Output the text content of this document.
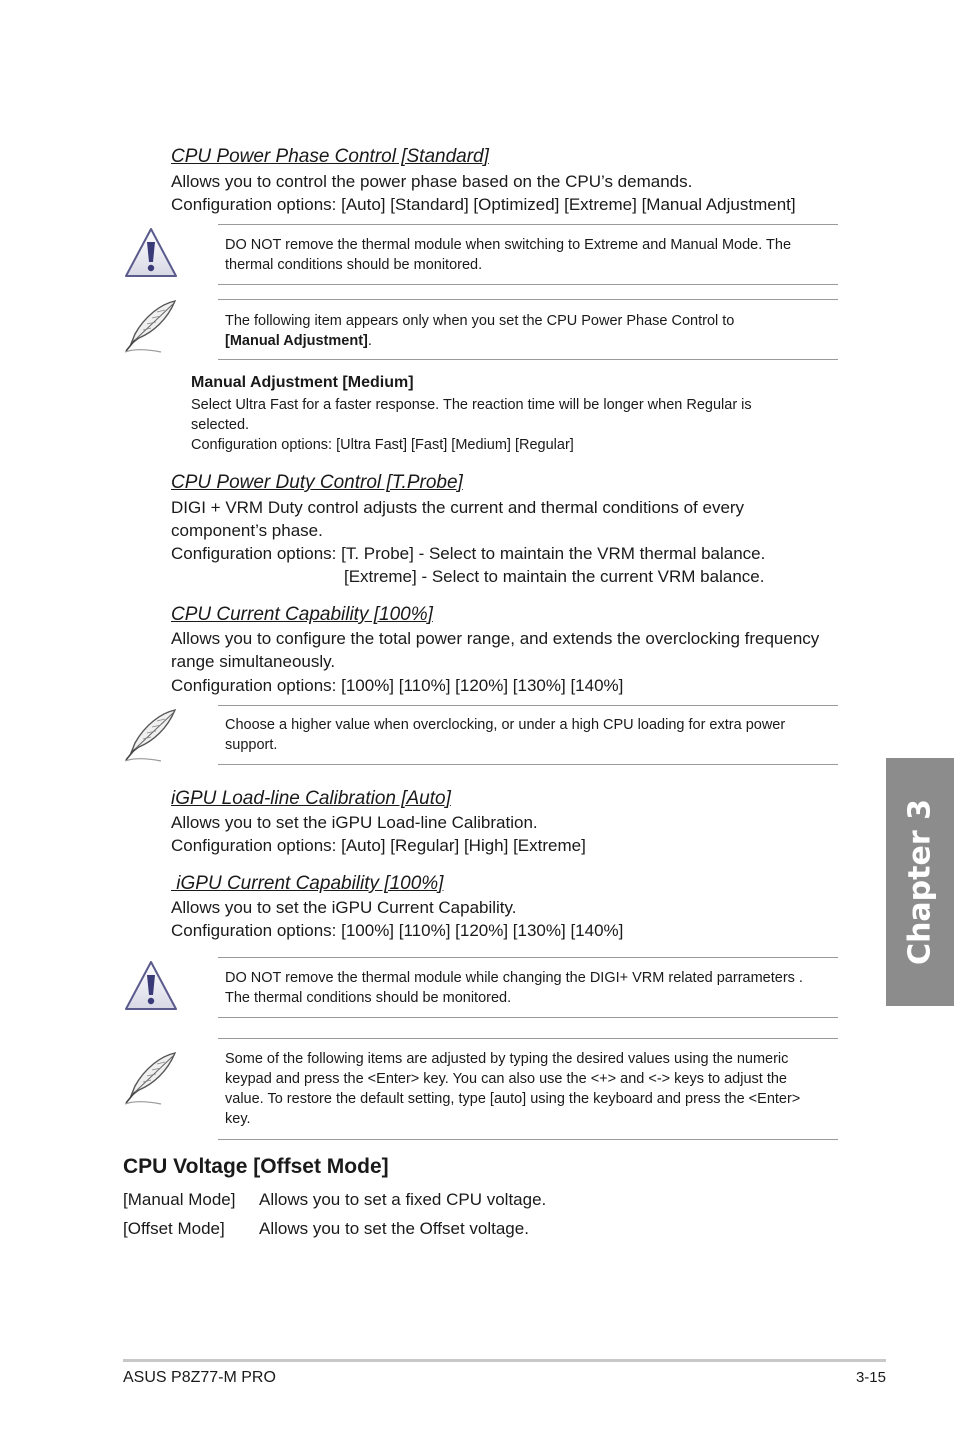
CPU Power Phase Control [Standard]
Allows you to control the power phase based on the CPU’s demands.
Configuration options: [Auto] [Standard] [Optimized] [Extreme] [Manual Adjustment]
DO NOT remove the thermal module when switching to Extreme and Manual Mode. The
thermal conditions should be monitored.
The following item appears only when you set the CPU Power Phase Control to
[Manual Adjustment].
Manual Adjustment [Medium]
Select Ultra Fast for a faster response. The reaction time will be longer when Regular is
selected.
Configuration options: [Ultra Fast] [Fast] [Medium] [Regular]
CPU Power Duty Control [T.Probe]
DIGI + VRM Duty control adjusts the current and thermal conditions of every
component’s phase.
Configuration options: [T. Probe] - Select to maintain the VRM thermal balance.
[Extreme] - Select to maintain the current VRM balance.
CPU Current Capability [100%]
Allows you to configure the total power range, and extends the overclocking frequency
range simultaneously.
Configuration options: [100%] [110%] [120%] [130%] [140%]
Choose a higher value when overclocking, or under a high CPU loading for extra power
support.
iGPU Load-line Calibration [Auto]
Allows you to set the iGPU Load-line Calibration.
Configuration options: [Auto] [Regular] [High] [Extreme]
iGPU Current Capability [100%]
Allows you to set the iGPU Current Capability.
Configuration options: [100%] [110%] [120%] [130%] [140%]
DO NOT remove the thermal module while changing the DIGI+ VRM related parrameters .
The thermal conditions should be monitored.
Some of the following items are adjusted by typing the desired values using the numeric
keypad and press the <Enter> key. You can also use the <+> and <-> keys to adjust the
value. To restore the default setting, type [auto] using the keyboard and press the <Enter>
key.
CPU Voltage [Offset Mode]
[Manual Mode] Allows you to set a fixed CPU voltage.
[Offset Mode] Allows you to set the Offset voltage.
Chapter 3
ASUS P8Z77-M PRO	3-15
